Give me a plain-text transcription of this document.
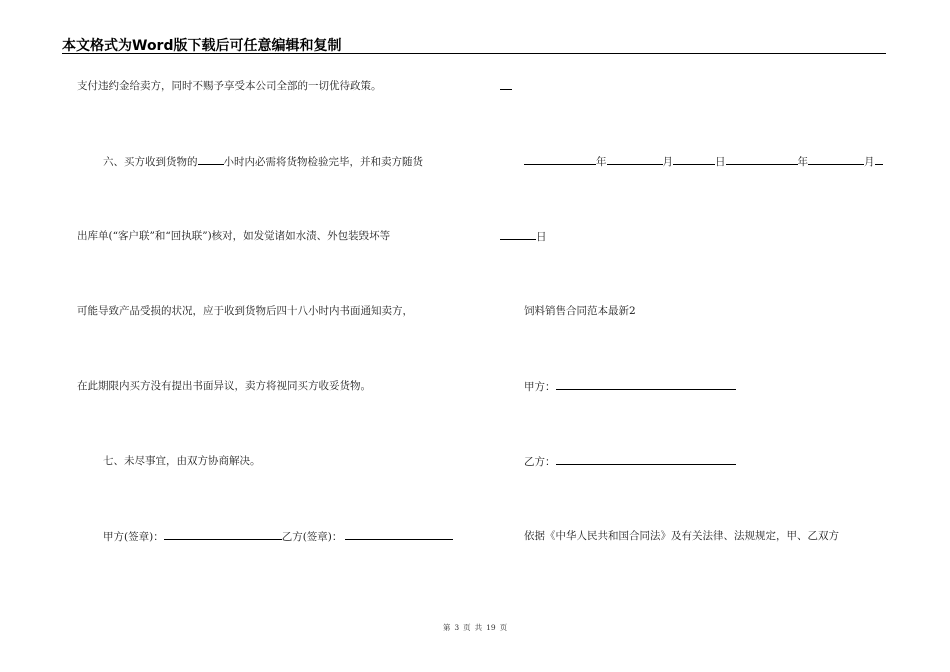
本文格式为Word版下载后可任意编辑和复制
支付违约金给卖方，同时不赐予享受本公司全部的一切优待政策。
六、买方收到货物的 小时内必需将货物检验完毕，并和卖方随货
出库单(“客户联”和“回执联”)核对，如发觉诸如水渍、外包装毁坏等
可能导致产品受损的状况，应于收到货物后四十八小时内书面通知卖方，
在此期限内买方没有提出书面异议，卖方将视同买方收妥货物。
七、未尽事宜，由双方协商解决。
甲方(签章)：	乙方(签章)：
年	月	日	年	月
日
饲料销售合同范本最新2
甲方：
乙方：
依据《中华人民共和国合同法》及有关法律、法规规定，甲、乙双方
第 3 页 共 19 页
